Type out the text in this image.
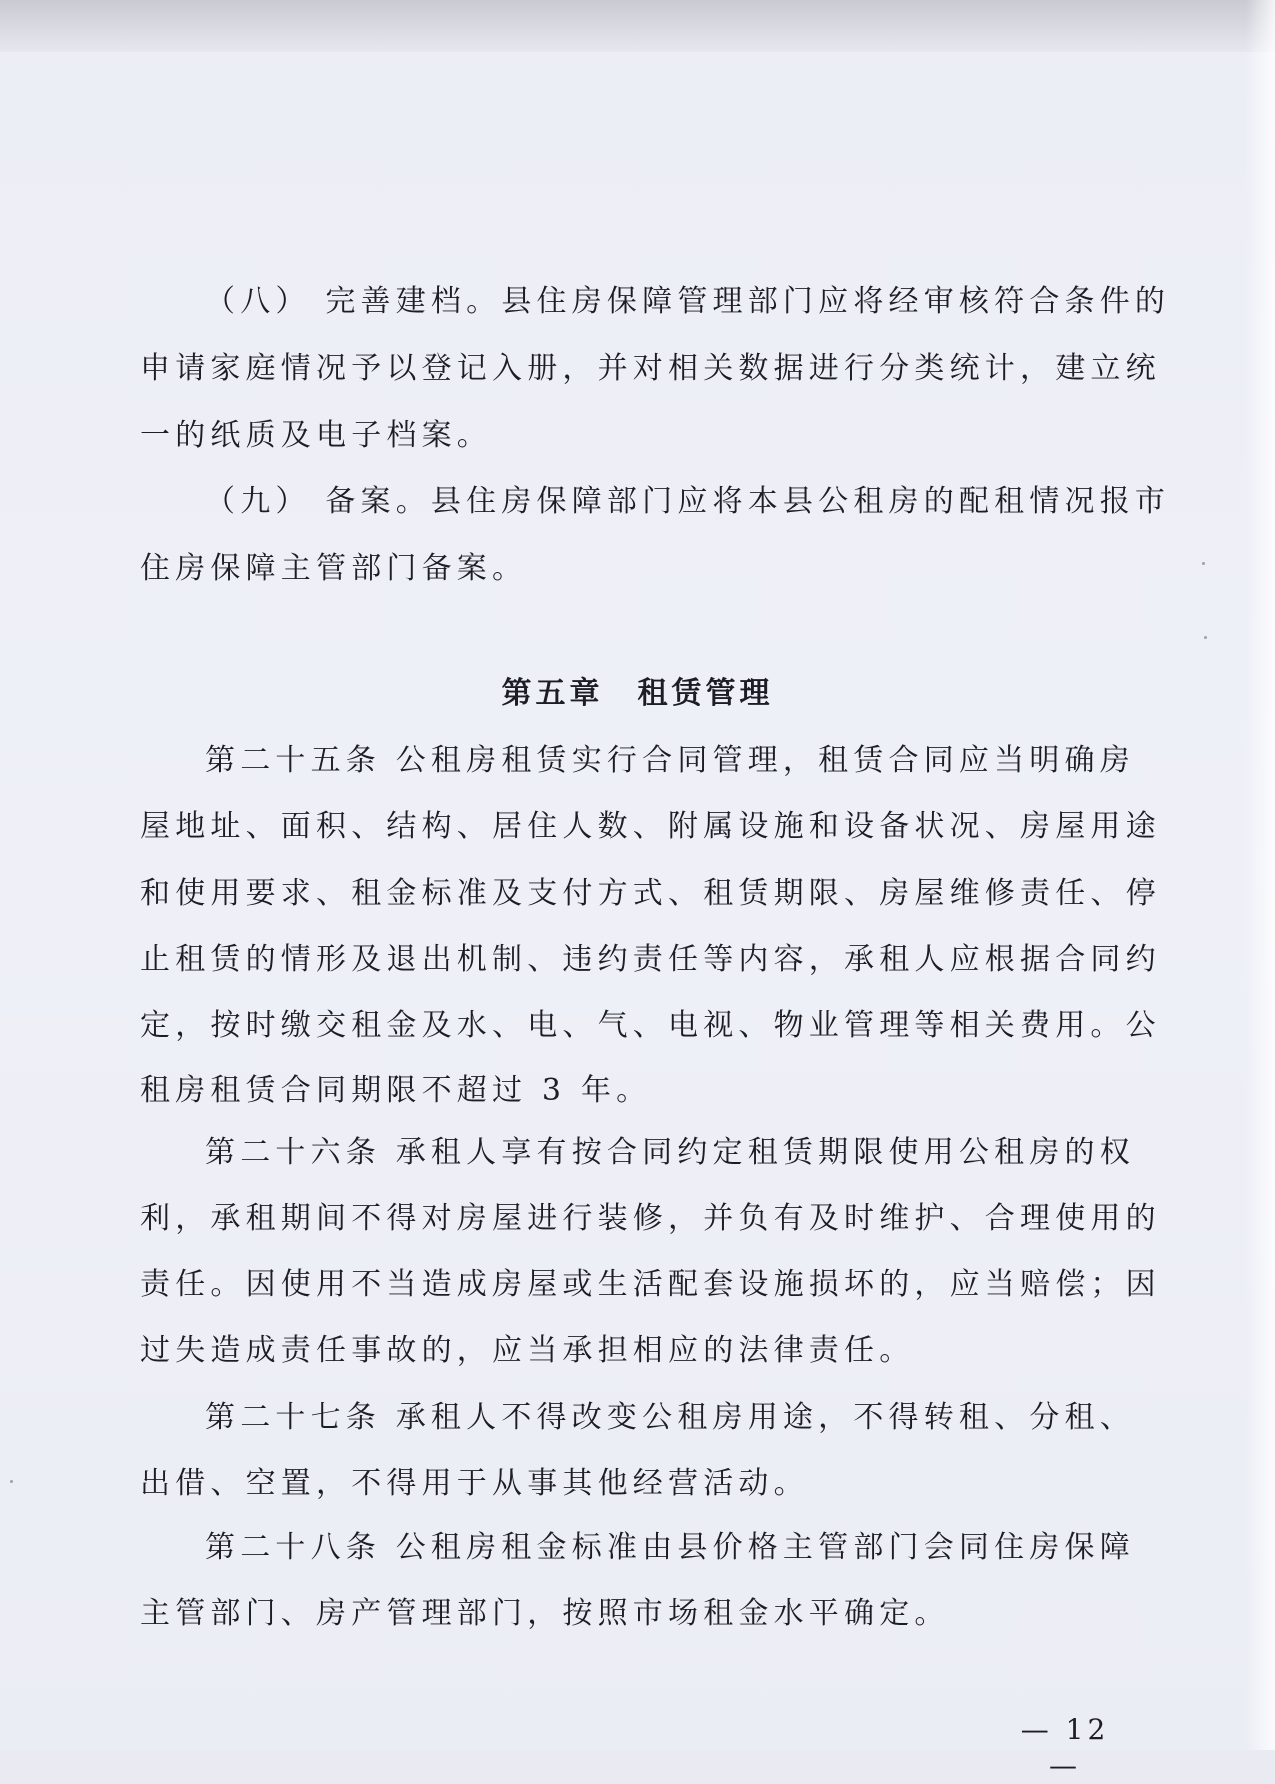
（八） 完善建档。县住房保障管理部门应将经审核符合条件的
申请家庭情况予以登记入册，并对相关数据进行分类统计，建立统
一的纸质及电子档案。
（九） 备案。县住房保障部门应将本县公租房的配租情况报市
住房保障主管部门备案。
第五章 租赁管理
第二十五条 公租房租赁实行合同管理，租赁合同应当明确房
屋地址、面积、结构、居住人数、附属设施和设备状况、房屋用途
和使用要求、租金标准及支付方式、租赁期限、房屋维修责任、停
止租赁的情形及退出机制、违约责任等内容，承租人应根据合同约
定，按时缴交租金及水、电、气、电视、物业管理等相关费用。公
租房租赁合同期限不超过 3 年。
第二十六条 承租人享有按合同约定租赁期限使用公租房的权
利，承租期间不得对房屋进行装修，并负有及时维护、合理使用的
责任。因使用不当造成房屋或生活配套设施损坏的，应当赔偿；因
过失造成责任事故的，应当承担相应的法律责任。
第二十七条 承租人不得改变公租房用途，不得转租、分租、
出借、空置，不得用于从事其他经营活动。
第二十八条 公租房租金标准由县价格主管部门会同住房保障
主管部门、房产管理部门，按照市场租金水平确定。
— 12 —
